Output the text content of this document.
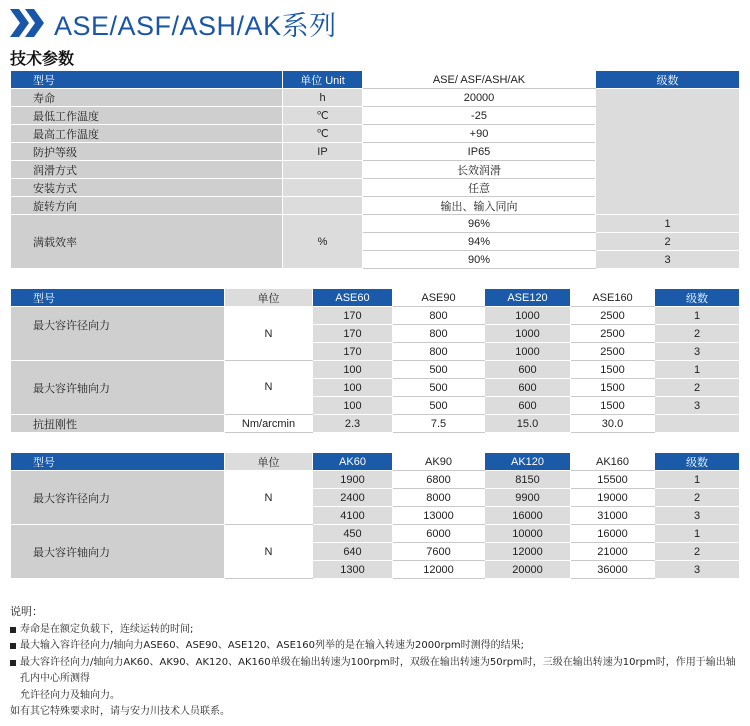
ASE/ASF/ASH/AK系列
技术参数
型号	单位 Unit	ASE/ ASF/ASH/AK	级数
寿命	h	20000	
最低工作温度	℃	-25	
最高工作温度	℃	+90	
防护等级	IP	IP65	
润滑方式		长效润滑	
安装方式		任意	
旋转方向		输出、输入同向	
满载效率	%	96%	1
		94%	2
		90%	3
型号	单位	ASE60	ASE90	ASE120	ASE160	级数
最大容许径向力	N	170	800	1000	2500	1
		170	800	1000	2500	2
		170	800	1000	2500	3
最大容许轴向力	N	100	500	600	1500	1
		100	500	600	1500	2
		100	500	600	1500	3
抗扭刚性	Nm/arcmin	2.3	7.5	15.0	30.0	
型号	单位	AK60	AK90	AK120	AK160	级数
最大容许径向力	N	1900	6800	8150	15500	1
		2400	8000	9900	19000	2
		4100	13000	16000	31000	3
最大容许轴向力	N	450	6000	10000	16000	1
		640	7600	12000	21000	2
		1300	12000	20000	36000	3
说明：
寿命是在额定负载下，连续运转的时间;
最大输入容许径向力/轴向力ASE60、ASE90、ASE120、ASE160列举的是在输入转速为2000rpm时测得的结果;
最大容许径向力/轴向力AK60、AK90、AK120、AK160单级在输出转速为100rpm时，双级在输出转速为50rpm时，三级在输出转速为10rpm时，作用于输出轴孔内中心所测得
允许径向力及轴向力。
如有其它特殊要求时，请与安力川技术人员联系。
